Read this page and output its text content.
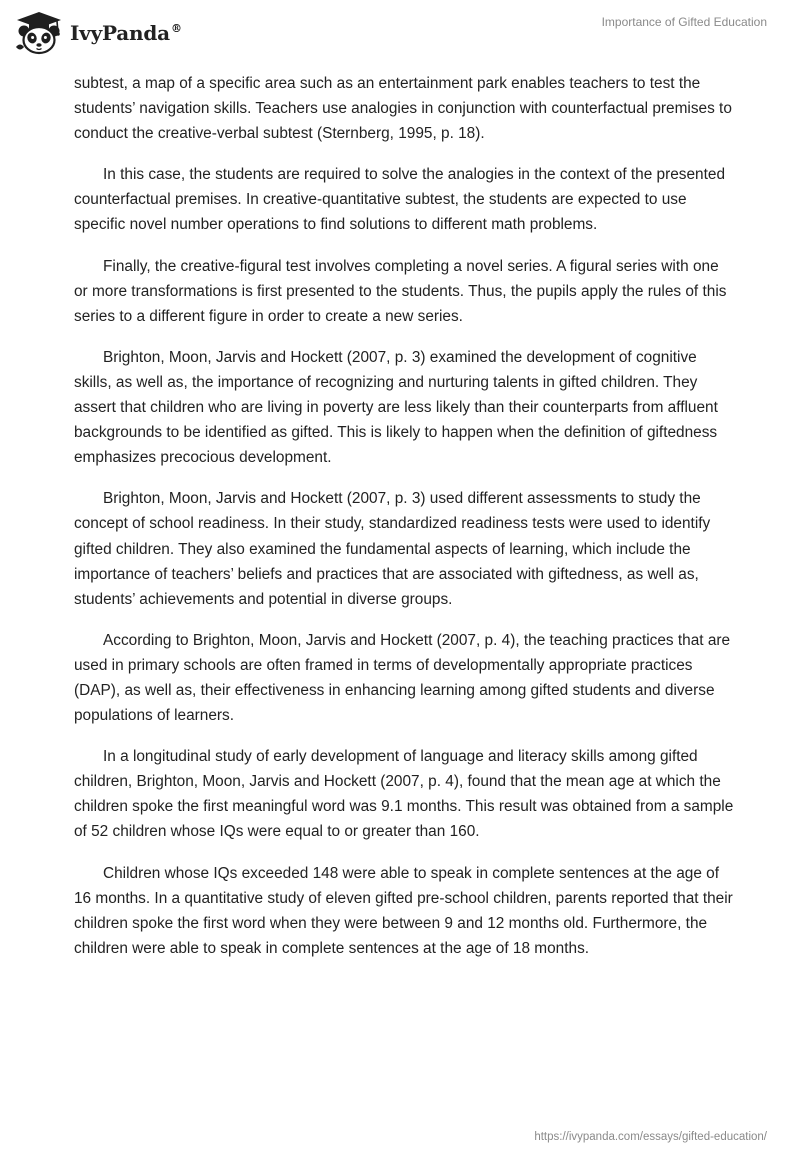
IvyPanda®	Importance of Gifted Education

subtest, a map of a specific area such as an entertainment park enables teachers to test the students’ navigation skills. Teachers use analogies in conjunction with counterfactual premises to conduct the creative-verbal subtest (Sternberg, 1995, p. 18).

In this case, the students are required to solve the analogies in the context of the presented counterfactual premises. In creative-quantitative subtest, the students are expected to use specific novel number operations to find solutions to different math problems.

Finally, the creative-figural test involves completing a novel series. A figural series with one or more transformations is first presented to the students. Thus, the pupils apply the rules of this series to a different figure in order to create a new series.

Brighton, Moon, Jarvis and Hockett (2007, p. 3) examined the development of cognitive skills, as well as, the importance of recognizing and nurturing talents in gifted children. They assert that children who are living in poverty are less likely than their counterparts from affluent backgrounds to be identified as gifted. This is likely to happen when the definition of giftedness emphasizes precocious development.

Brighton, Moon, Jarvis and Hockett (2007, p. 3) used different assessments to study the concept of school readiness. In their study, standardized readiness tests were used to identify gifted children. They also examined the fundamental aspects of learning, which include the importance of teachers’ beliefs and practices that are associated with giftedness, as well as, students’ achievements and potential in diverse groups.

According to Brighton, Moon, Jarvis and Hockett (2007, p. 4), the teaching practices that are used in primary schools are often framed in terms of developmentally appropriate practices (DAP), as well as, their effectiveness in enhancing learning among gifted students and diverse populations of learners.

In a longitudinal study of early development of language and literacy skills among gifted children, Brighton, Moon, Jarvis and Hockett (2007, p. 4), found that the mean age at which the children spoke the first meaningful word was 9.1 months. This result was obtained from a sample of 52 children whose IQs were equal to or greater than 160.

Children whose IQs exceeded 148 were able to speak in complete sentences at the age of 16 months. In a quantitative study of eleven gifted pre-school children, parents reported that their children spoke the first word when they were between 9 and 12 months old. Furthermore, the children were able to speak in complete sentences at the age of 18 months.

https://ivypanda.com/essays/gifted-education/
